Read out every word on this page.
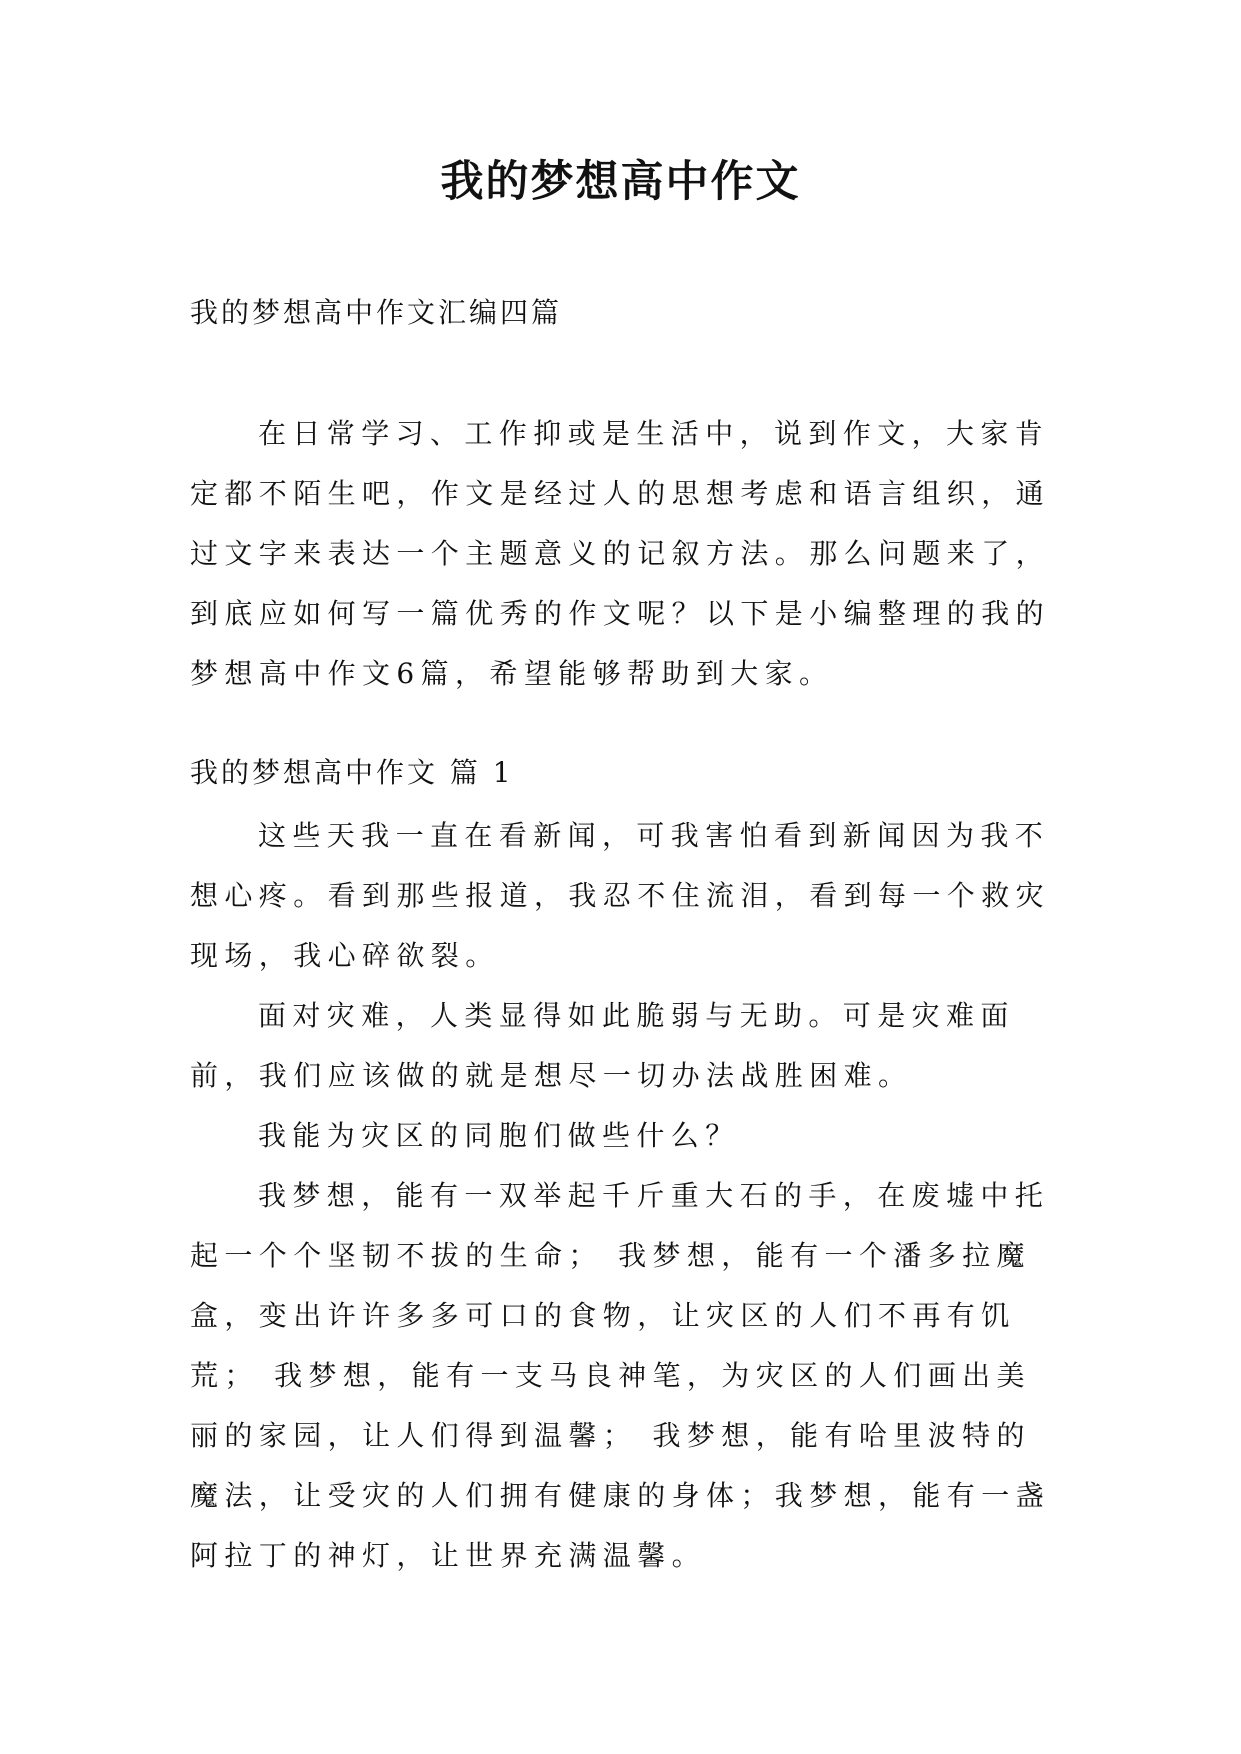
我的梦想高中作文

我的梦想高中作文汇编四篇

在日常学习、工作抑或是生活中，说到作文，大家肯定都不陌生吧，作文是经过人的思想考虑和语言组织，通过文字来表达一个主题意义的记叙方法。那么问题来了，到底应如何写一篇优秀的作文呢？以下是小编整理的我的梦想高中作文6篇，希望能够帮助到大家。

我的梦想高中作文 篇 1

这些天我一直在看新闻，可我害怕看到新闻因为我不想心疼。看到那些报道，我忍不住流泪，看到每一个救灾现场，我心碎欲裂。

面对灾难，人类显得如此脆弱与无助。可是灾难面前，我们应该做的就是想尽一切办法战胜困难。

我能为灾区的同胞们做些什么？

我梦想，能有一双举起千斤重大石的手，在废墟中托起一个个坚韧不拔的生命； 我梦想，能有一个潘多拉魔盒，变出许许多多可口的食物，让灾区的人们不再有饥荒； 我梦想，能有一支马良神笔，为灾区的人们画出美丽的家园，让人们得到温馨； 我梦想，能有哈里波特的魔法，让受灾的人们拥有健康的身体；我梦想，能有一盏阿拉丁的神灯，让世界充满温馨。
